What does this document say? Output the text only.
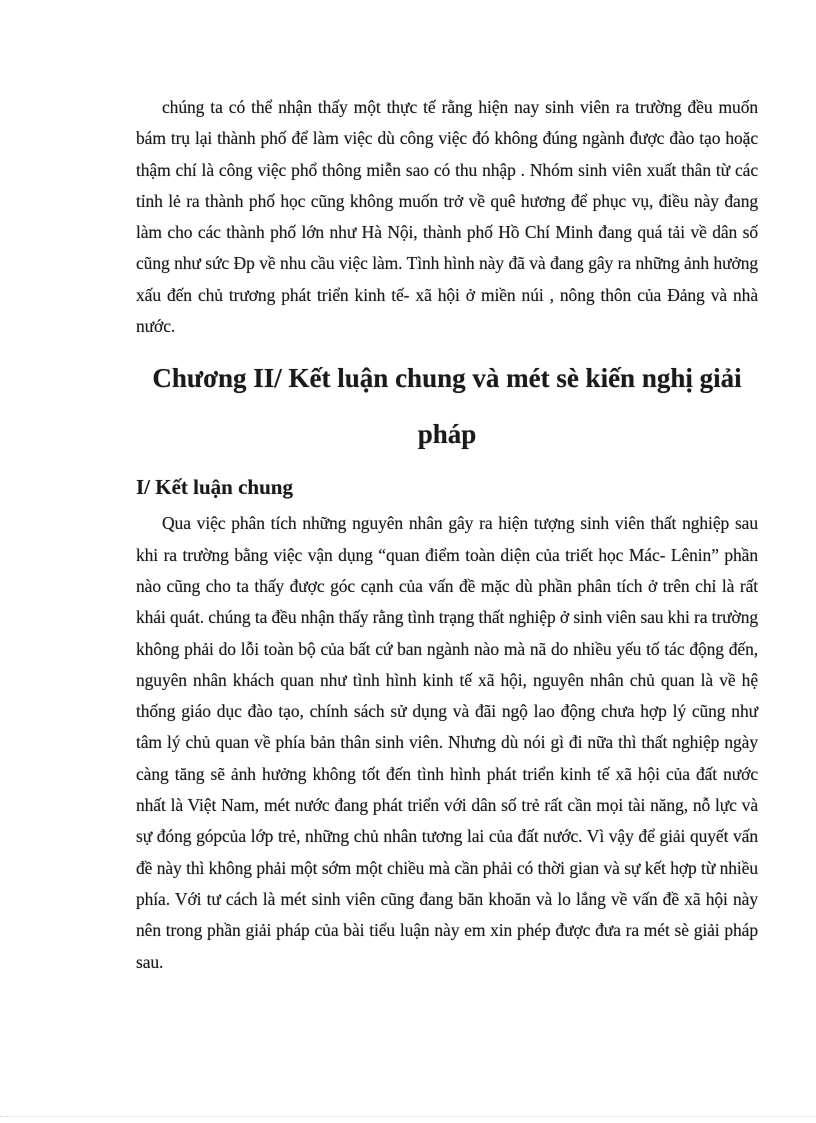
chúng ta có thể nhận thấy một thực tế rằng hiện nay sinh viên ra trường đều muốn bám trụ lại thành phố để làm việc dù công việc đó không đúng ngành được đào tạo hoặc thậm chí là công việc phổ thông miễn sao có thu nhập . Nhóm sinh viên xuất thân từ các tỉnh lẻ ra thành phố học cũng không muốn trở về quê hương để phục vụ, điều này đang làm cho các thành phố lớn như Hà Nội, thành phố Hồ Chí Minh đang quá tải về dân số cũng như sức Ðp về nhu cầu việc làm. Tình hình này đã và đang gây ra những ảnh hưởng xấu đến chủ trương phát triển kinh tế- xã hội ở miền núi , nông thôn của Đảng và nhà nước.

Chương II/ Kết luận chung và mét sè kiến nghị giải pháp
I/ Kết luận chung

Qua việc phân tích những nguyên nhân gây ra hiện tượng sinh viên thất nghiệp sau khi ra trường bằng việc vận dụng “quan điểm toàn diện của triết học Mác- Lênin” phần nào cũng cho ta thấy được góc cạnh của vấn đề mặc dù phần phân tích ở trên chỉ là rất khái quát. chúng ta đều nhận thấy rằng tình trạng thất nghiệp ở sinh viên sau khi ra trường không phải do lỗi toàn bộ của bất cứ ban ngành nào mà nã do nhiều yếu tố tác động đến, nguyên nhân khách quan như tình hình kinh tế xã hội, nguyên nhân chủ quan là về hệ thống giáo dục đào tạo, chính sách sử dụng và đãi ngộ lao động chưa hợp lý cũng như tâm lý chủ quan về phía bản thân sinh viên. Nhưng dù nói gì đi nữa thì thất nghiệp ngày càng tăng sẽ ảnh hưởng không tốt đến tình hình phát triển kinh tế xã hội của đất nước nhất là Việt Nam, mét nước đang phát triển với dân số trẻ rất cần mọi tài năng, nỗ lực và sự đóng gópcủa lớp trẻ, những chủ nhân tương lai của đất nước. Vì vậy để giải quyết vấn đề này thì không phải một sớm một chiều mà cần phải có thời gian và sự kết hợp từ nhiều phía. Với tư cách là mét sinh viên cũng đang băn khoăn và lo lắng về vấn đề xã hội này nên trong phần giải pháp của bài tiểu luận này em xin phép được đưa ra mét sè giải pháp sau.
